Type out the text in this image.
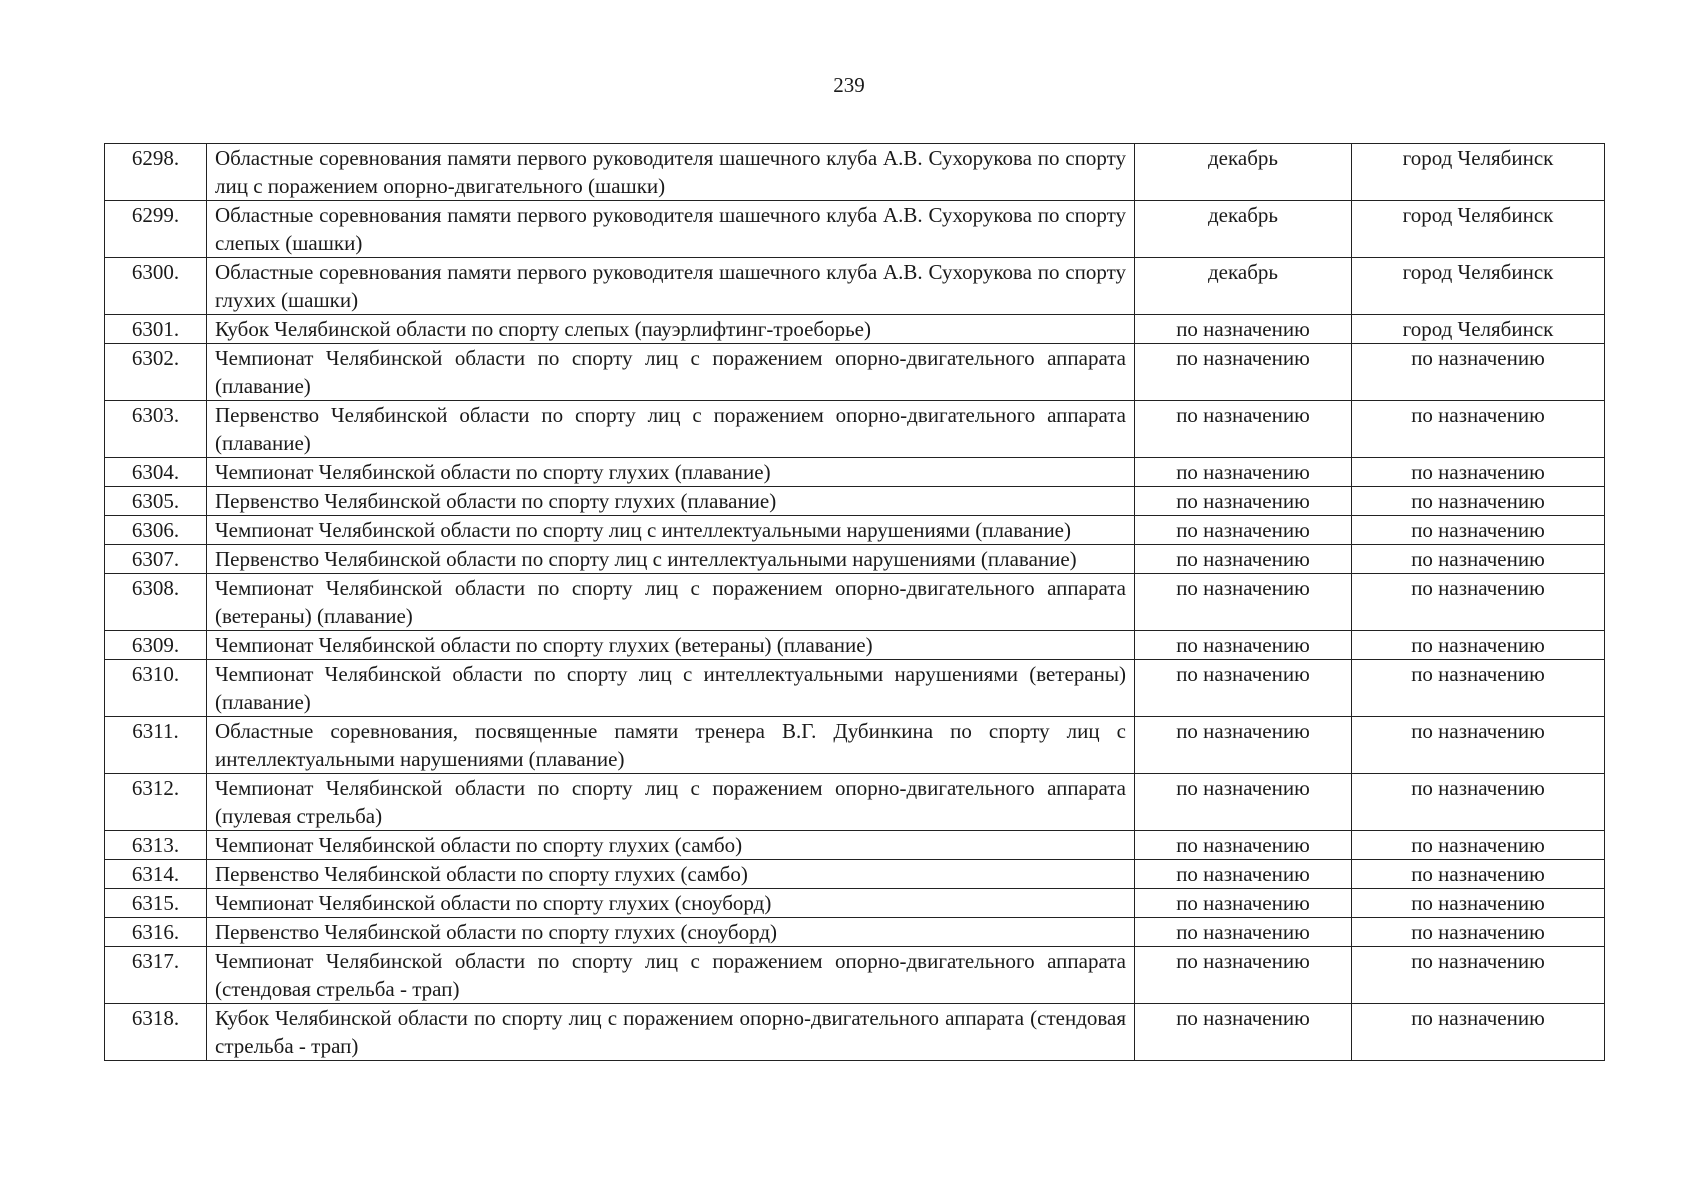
239
6298.	Областные соревнования памяти первого руководителя шашечного клуба А.В. Сухорукова по спорту лиц с поражением опорно-двигательного (шашки)	декабрь	город Челябинск
6299.	Областные соревнования памяти первого руководителя шашечного клуба А.В. Сухорукова по спорту слепых (шашки)	декабрь	город Челябинск
6300.	Областные соревнования памяти первого руководителя шашечного клуба А.В. Сухорукова по спорту глухих (шашки)	декабрь	город Челябинск
6301.	Кубок Челябинской области по спорту слепых (пауэрлифтинг-троеборье)	по назначению	город Челябинск
6302.	Чемпионат Челябинской области по спорту лиц с поражением опорно-двигательного аппарата (плавание)	по назначению	по назначению
6303.	Первенство Челябинской области по спорту лиц с поражением опорно-двигательного аппарата (плавание)	по назначению	по назначению
6304.	Чемпионат Челябинской области по спорту глухих (плавание)	по назначению	по назначению
6305.	Первенство Челябинской области по спорту глухих (плавание)	по назначению	по назначению
6306.	Чемпионат Челябинской области по спорту лиц с интеллектуальными нарушениями (плавание)	по назначению	по назначению
6307.	Первенство Челябинской области по спорту лиц с интеллектуальными нарушениями (плавание)	по назначению	по назначению
6308.	Чемпионат Челябинской области по спорту лиц с поражением опорно-двигательного аппарата (ветераны) (плавание)	по назначению	по назначению
6309.	Чемпионат Челябинской области по спорту глухих (ветераны) (плавание)	по назначению	по назначению
6310.	Чемпионат Челябинской области по спорту лиц с интеллектуальными нарушениями (ветераны) (плавание)	по назначению	по назначению
6311.	Областные соревнования, посвященные памяти тренера В.Г. Дубинкина по спорту лиц с интеллектуальными нарушениями (плавание)	по назначению	по назначению
6312.	Чемпионат Челябинской области по спорту лиц с поражением опорно-двигательного аппарата (пулевая стрельба)	по назначению	по назначению
6313.	Чемпионат Челябинской области по спорту глухих (самбо)	по назначению	по назначению
6314.	Первенство Челябинской области по спорту глухих (самбо)	по назначению	по назначению
6315.	Чемпионат Челябинской области по спорту глухих (сноуборд)	по назначению	по назначению
6316.	Первенство Челябинской области по спорту глухих (сноуборд)	по назначению	по назначению
6317.	Чемпионат Челябинской области по спорту лиц с поражением опорно-двигательного аппарата (стендовая стрельба - трап)	по назначению	по назначению
6318.	Кубок Челябинской области по спорту лиц с поражением опорно-двигательного аппарата (стендовая стрельба - трап)	по назначению	по назначению
